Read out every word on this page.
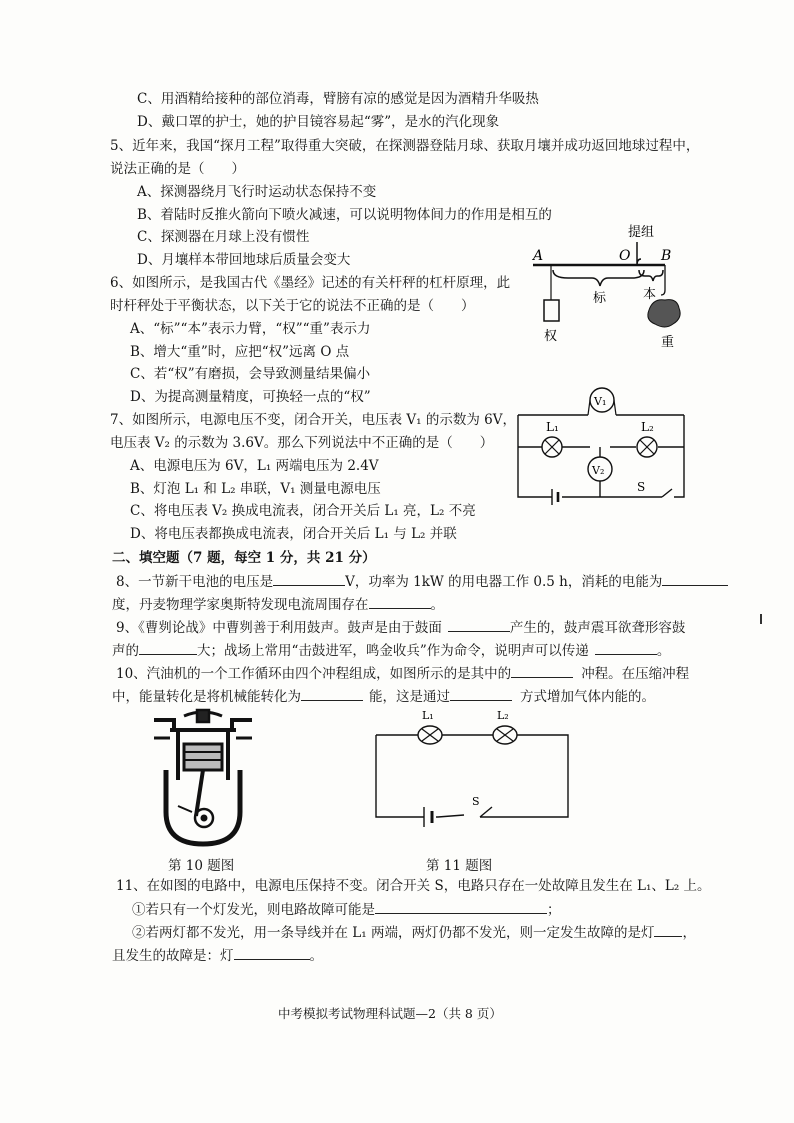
C、用酒精给接种的部位消毒，臂膀有凉的感觉是因为酒精升华吸热
D、戴口罩的护士，她的护目镜容易起“雾”，是水的汽化现象
5、近年来，我国“探月工程”取得重大突破，在探测器登陆月球、获取月壤并成功返回地球过程中，
说法正确的是（　　）
A、探测器绕月飞行时运动状态保持不变
B、着陆时反推火箭向下喷火减速，可以说明物体间力的作用是相互的
C、探测器在月球上没有惯性
D、月壤样本带回地球后质量会变大
6、如图所示，是我国古代《墨经》记述的有关杆秤的杠杆原理，此
时杆秤处于平衡状态，以下关于它的说法不正确的是（　　）
A、“标”“本”表示力臂，“权”“重”表示力
B、增大“重”时，应把“权”远离 O 点
C、若“权”有磨损，会导致测量结果偏小
D、为提高测量精度，可换轻一点的“权”
A	O B
提组
标	本
权	重
7、如图所示，电源电压不变，闭合开关，电压表 V₁ 的示数为 6V，
电压表 V₂ 的示数为 3.6V。那么下列说法中不正确的是（　　）
A、电源电压为 6V，L₁ 两端电压为 2.4V
B、灯泡 L₁ 和 L₂ 串联，V₁ 测量电源电压
C、将电压表 V₂ 换成电流表，闭合开关后 L₁ 亮，L₂ 不亮
D、将电压表都换成电流表，闭合开关后 L₁ 与 L₂ 并联
V₁
L₁	L₂
V₂
S
二、填空题（7 题，每空 1 分，共 21 分）
8、一节新干电池的电压是	V，功率为 1kW 的用电器工作 0.5 h，消耗的电能为
度，丹麦物理学家奥斯特发现电流周围存在	。
9、《曹刿论战》中曹刿善于利用鼓声。鼓声是由于鼓面	产生的，鼓声震耳欲聋形容鼓
声的	大；战场上常用“击鼓进军，鸣金收兵”作为命令，说明声可以传递	。
10、汽油机的一个工作循环由四个冲程组成，如图所示的是其中的	冲程。在压缩冲程
中，能量转化是将机械能转化为	能，这是通过	方式增加气体内能的。
第 10 题图
L₁	L₂
S
第 11 题图
11、在如图的电路中，电源电压保持不变。闭合开关 S，电路只存在一处故障且发生在 L₁、L₂ 上。
①若只有一个灯发光，则电路故障可能是	；
②若两灯都不发光，用一条导线并在 L₁ 两端，两灯仍都不发光，则一定发生故障的是灯 ，
且发生的故障是：灯	。
中考模拟考试物理科试题—2（共 8 页）
